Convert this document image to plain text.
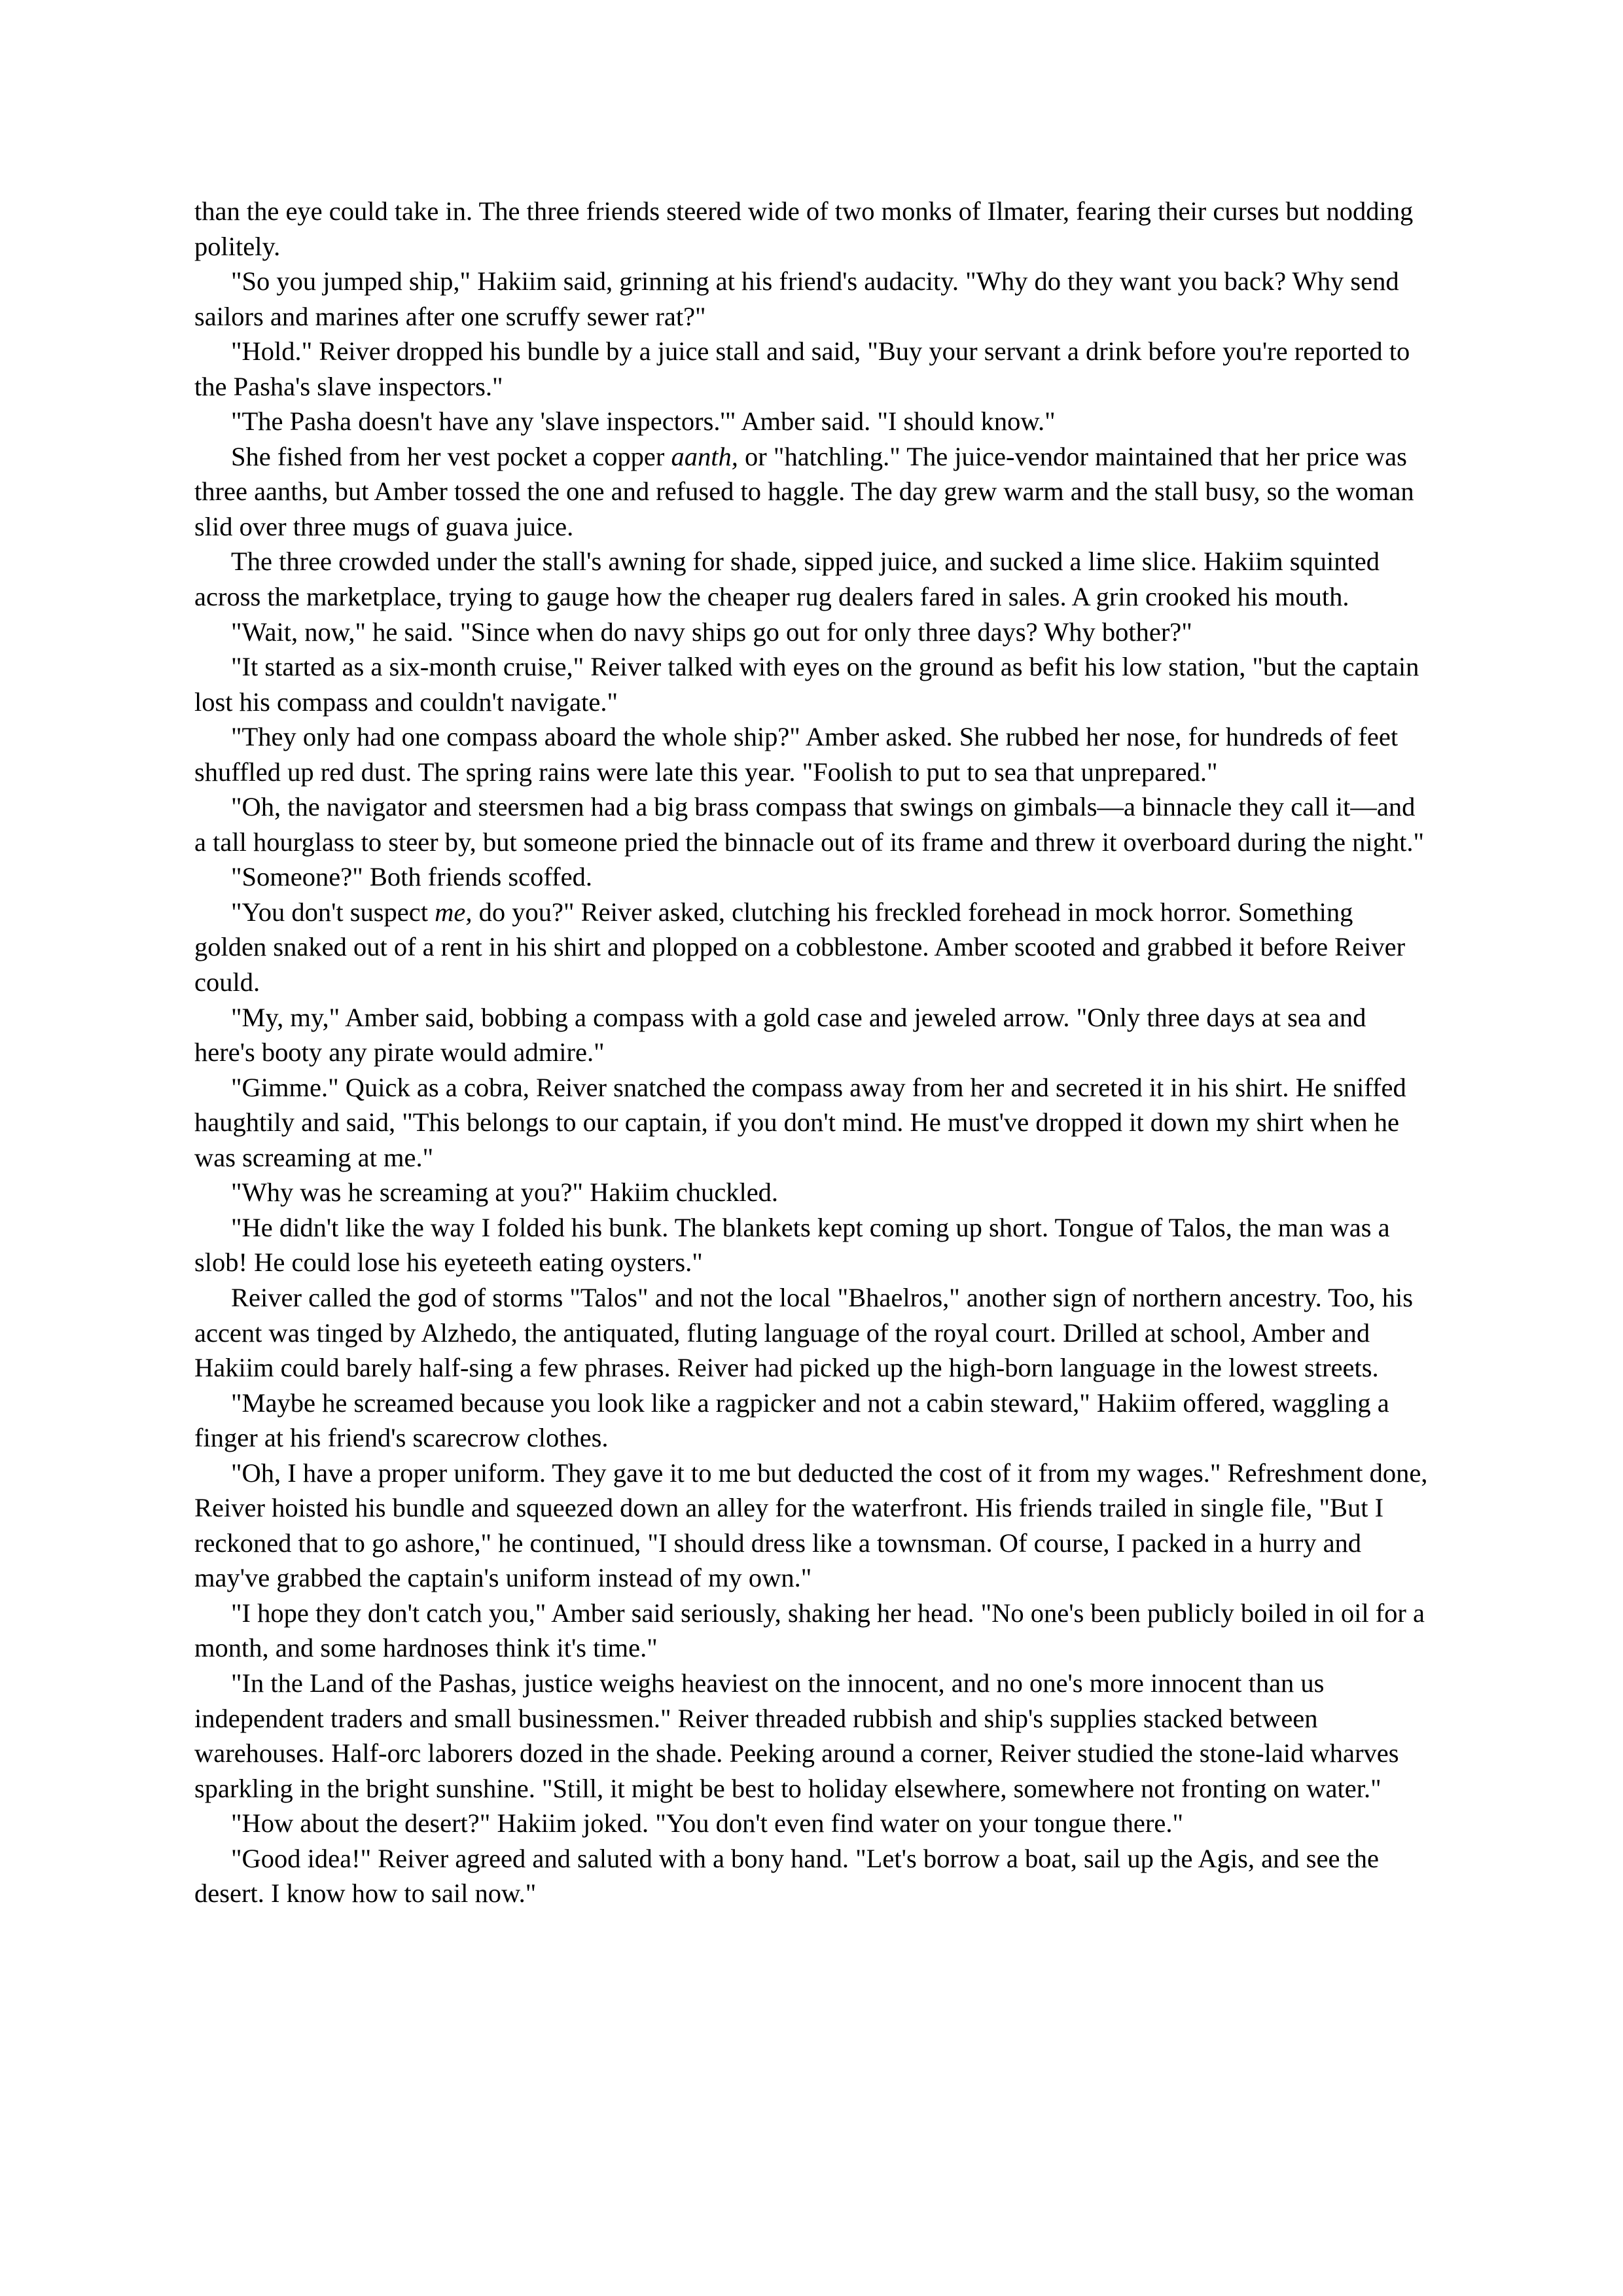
than the eye could take in. The three friends steered wide of two monks of Ilmater, fearing their curses but nodding politely.

"So you jumped ship," Hakiim said, grinning at his friend's audacity. "Why do they want you back? Why send sailors and marines after one scruffy sewer rat?"

"Hold." Reiver dropped his bundle by a juice stall and said, "Buy your servant a drink before you're reported to the Pasha's slave inspectors."

"The Pasha doesn't have any 'slave inspectors.'" Amber said. "I should know."

She fished from her vest pocket a copper aanth, or "hatchling." The juice-vendor maintained that her price was three aanths, but Amber tossed the one and refused to haggle. The day grew warm and the stall busy, so the woman slid over three mugs of guava juice.

The three crowded under the stall's awning for shade, sipped juice, and sucked a lime slice. Hakiim squinted across the marketplace, trying to gauge how the cheaper rug dealers fared in sales. A grin crooked his mouth.

"Wait, now," he said. "Since when do navy ships go out for only three days? Why bother?"

"It started as a six-month cruise," Reiver talked with eyes on the ground as befit his low station, "but the captain lost his compass and couldn't navigate."

"They only had one compass aboard the whole ship?" Amber asked. She rubbed her nose, for hundreds of feet shuffled up red dust. The spring rains were late this year. "Foolish to put to sea that unprepared."

"Oh, the navigator and steersmen had a big brass compass that swings on gimbals—a binnacle they call it—and a tall hourglass to steer by, but someone pried the binnacle out of its frame and threw it overboard during the night."

"Someone?" Both friends scoffed.

"You don't suspect me, do you?" Reiver asked, clutching his freckled forehead in mock horror. Something golden snaked out of a rent in his shirt and plopped on a cobblestone. Amber scooted and grabbed it before Reiver could.

"My, my," Amber said, bobbing a compass with a gold case and jeweled arrow. "Only three days at sea and here's booty any pirate would admire."

"Gimme." Quick as a cobra, Reiver snatched the compass away from her and secreted it in his shirt. He sniffed haughtily and said, "This belongs to our captain, if you don't mind. He must've dropped it down my shirt when he was screaming at me."

"Why was he screaming at you?" Hakiim chuckled.

"He didn't like the way I folded his bunk. The blankets kept coming up short. Tongue of Talos, the man was a slob! He could lose his eyeteeth eating oysters."

Reiver called the god of storms "Talos" and not the local "Bhaelros," another sign of northern ancestry. Too, his accent was tinged by Alzhedo, the antiquated, fluting language of the royal court. Drilled at school, Amber and Hakiim could barely half-sing a few phrases. Reiver had picked up the high-born language in the lowest streets.

"Maybe he screamed because you look like a ragpicker and not a cabin steward," Hakiim offered, waggling a finger at his friend's scarecrow clothes.

"Oh, I have a proper uniform. They gave it to me but deducted the cost of it from my wages." Refreshment done, Reiver hoisted his bundle and squeezed down an alley for the waterfront. His friends trailed in single file, "But I reckoned that to go ashore," he continued, "I should dress like a townsman. Of course, I packed in a hurry and may've grabbed the captain's uniform instead of my own."

"I hope they don't catch you," Amber said seriously, shaking her head. "No one's been publicly boiled in oil for a month, and some hardnoses think it's time."

"In the Land of the Pashas, justice weighs heaviest on the innocent, and no one's more innocent than us independent traders and small businessmen." Reiver threaded rubbish and ship's supplies stacked between warehouses. Half-orc laborers dozed in the shade. Peeking around a corner, Reiver studied the stone-laid wharves sparkling in the bright sunshine. "Still, it might be best to holiday elsewhere, somewhere not fronting on water."

"How about the desert?" Hakiim joked. "You don't even find water on your tongue there."

"Good idea!" Reiver agreed and saluted with a bony hand. "Let's borrow a boat, sail up the Agis, and see the desert. I know how to sail now."
